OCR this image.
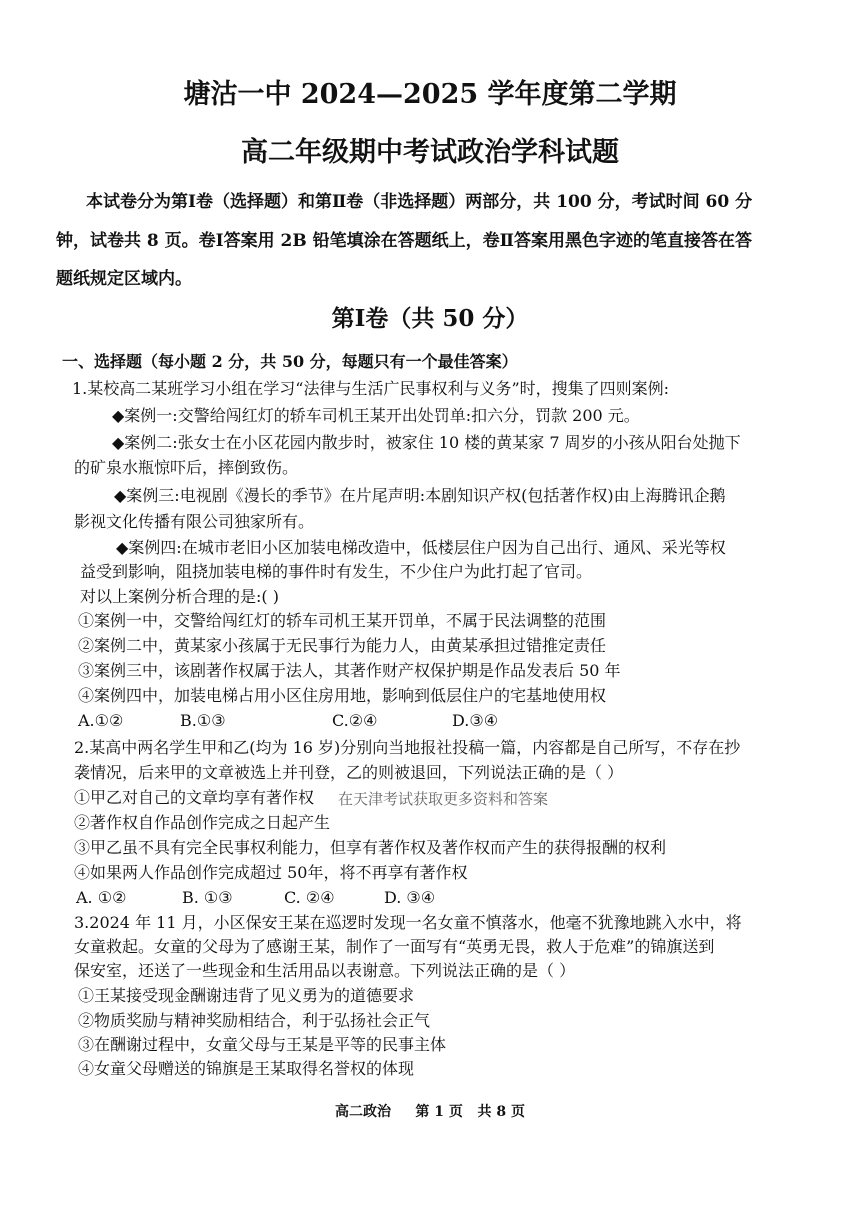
塘沽一中 2024—2025 学年度第二学期
高二年级期中考试政治学科试题
本试卷分为第Ⅰ卷（选择题）和第Ⅱ卷（非选择题）两部分，共 100 分，考试时间 60 分
钟，试卷共 8 页。卷Ⅰ答案用 2B 铅笔填涂在答题纸上，卷Ⅱ答案用黑色字迹的笔直接答在答
题纸规定区域内。
第Ⅰ卷（共 50 分）
一、选择题（每小题 2 分，共 50 分，每题只有一个最佳答案）
1.某校高二某班学习小组在学习“法律与生活广民事权利与义务”时，搜集了四则案例:
◆案例一:交警给闯红灯的轿车司机王某开出处罚单:扣六分，罚款 200 元。
◆案例二:张女士在小区花园内散步时，被家住 10 楼的黄某家 7 周岁的小孩从阳台处抛下
的矿泉水瓶惊吓后，摔倒致伤。
◆案例三:电视剧《漫长的季节》在片尾声明:本剧知识产权(包括著作权)由上海腾讯企鹅
影视文化传播有限公司独家所有。
◆案例四:在城市老旧小区加装电梯改造中，低楼层住户因为自己出行、通风、采光等权
益受到影响，阻挠加装电梯的事件时有发生，不少住户为此打起了官司。
对以上案例分析合理的是:( )
①案例一中，交警给闯红灯的轿车司机王某开罚单，不属于民法调整的范围
②案例二中，黄某家小孩属于无民事行为能力人，由黄某承担过错推定责任
③案例三中，该剧著作权属于法人，其著作财产权保护期是作品发表后 50 年
④案例四中，加装电梯占用小区住房用地，影响到低层住户的宅基地使用权
A.①②	B.①③	C.②④	D.③④
2.某高中两名学生甲和乙(均为 16 岁)分别向当地报社投稿一篇，内容都是自己所写，不存在抄
袭情况，后来甲的文章被选上并刊登，乙的则被退回，下列说法正确的是（ ）
①甲乙对自己的文章均享有著作权 在天津考试获取更多资料和答案
②著作权自作品创作完成之日起产生
③甲乙虽不具有完全民事权利能力，但享有著作权及著作权而产生的获得报酬的权利
④如果两人作品创作完成超过 50年，将不再享有著作权
A. ①②	B. ①③	C. ②④	D. ③④
3.2024 年 11 月，小区保安王某在巡逻时发现一名女童不慎落水，他毫不犹豫地跳入水中，将
女童救起。女童的父母为了感谢王某，制作了一面写有“英勇无畏，救人于危难”的锦旗送到
保安室，还送了一些现金和生活用品以表谢意。下列说法正确的是（ ）
①王某接受现金酬谢违背了见义勇为的道德要求
②物质奖励与精神奖励相结合，利于弘扬社会正气
③在酬谢过程中，女童父母与王某是平等的民事主体
④女童父母赠送的锦旗是王某取得名誉权的体现
高二政治 第 1 页 共 8 页
